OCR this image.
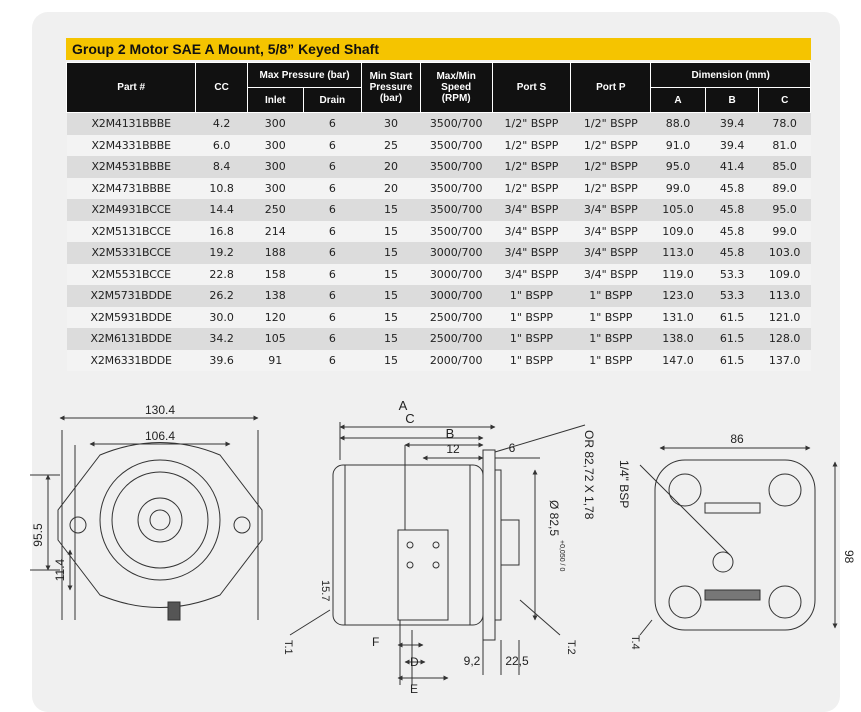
Group 2 Motor SAE A Mount, 5/8” Keyed Shaft
Part #	CC	Max Pressure (bar)		Min Start Pressure (bar)	Max/Min Speed (RPM)	Port S	Port P	Dimension (mm)		
		Inlet	Drain					A	B	C
X2M4131BBBE	4.2	300	6	30	3500/700	1/2" BSPP	1/2" BSPP	88.0	39.4	78.0
X2M4331BBBE	6.0	300	6	25	3500/700	1/2" BSPP	1/2" BSPP	91.0	39.4	81.0
X2M4531BBBE	8.4	300	6	20	3500/700	1/2" BSPP	1/2" BSPP	95.0	41.4	85.0
X2M4731BBBE	10.8	300	6	20	3500/700	1/2" BSPP	1/2" BSPP	99.0	45.8	89.0
X2M4931BCCE	14.4	250	6	15	3500/700	3/4" BSPP	3/4" BSPP	105.0	45.8	95.0
X2M5131BCCE	16.8	214	6	15	3500/700	3/4" BSPP	3/4" BSPP	109.0	45.8	99.0
X2M5331BCCE	19.2	188	6	15	3000/700	3/4" BSPP	3/4" BSPP	113.0	45.8	103.0
X2M5531BCCE	22.8	158	6	15	3000/700	3/4" BSPP	3/4" BSPP	119.0	53.3	109.0
X2M5731BDDE	26.2	138	6	15	3000/700	1" BSPP	1" BSPP	123.0	53.3	113.0
X2M5931BDDE	30.0	120	6	15	2500/700	1" BSPP	1" BSPP	131.0	61.5	121.0
X2M6131BDDE	34.2	105	6	15	2500/700	1" BSPP	1" BSPP	138.0	61.5	128.0
X2M6331BDDE	39.6	91	6	15	2000/700	1" BSPP	1" BSPP	147.0	61.5	137.0
130.4
106.4
95.5
11.4
A
C
B
12	6	OR 82,72 X 1,78
Ø 82,5
+0,050 / 0
15.7
T.1	F
D
E
9,2 22,5
T.2
86
1/4" BSP
98
T.4
